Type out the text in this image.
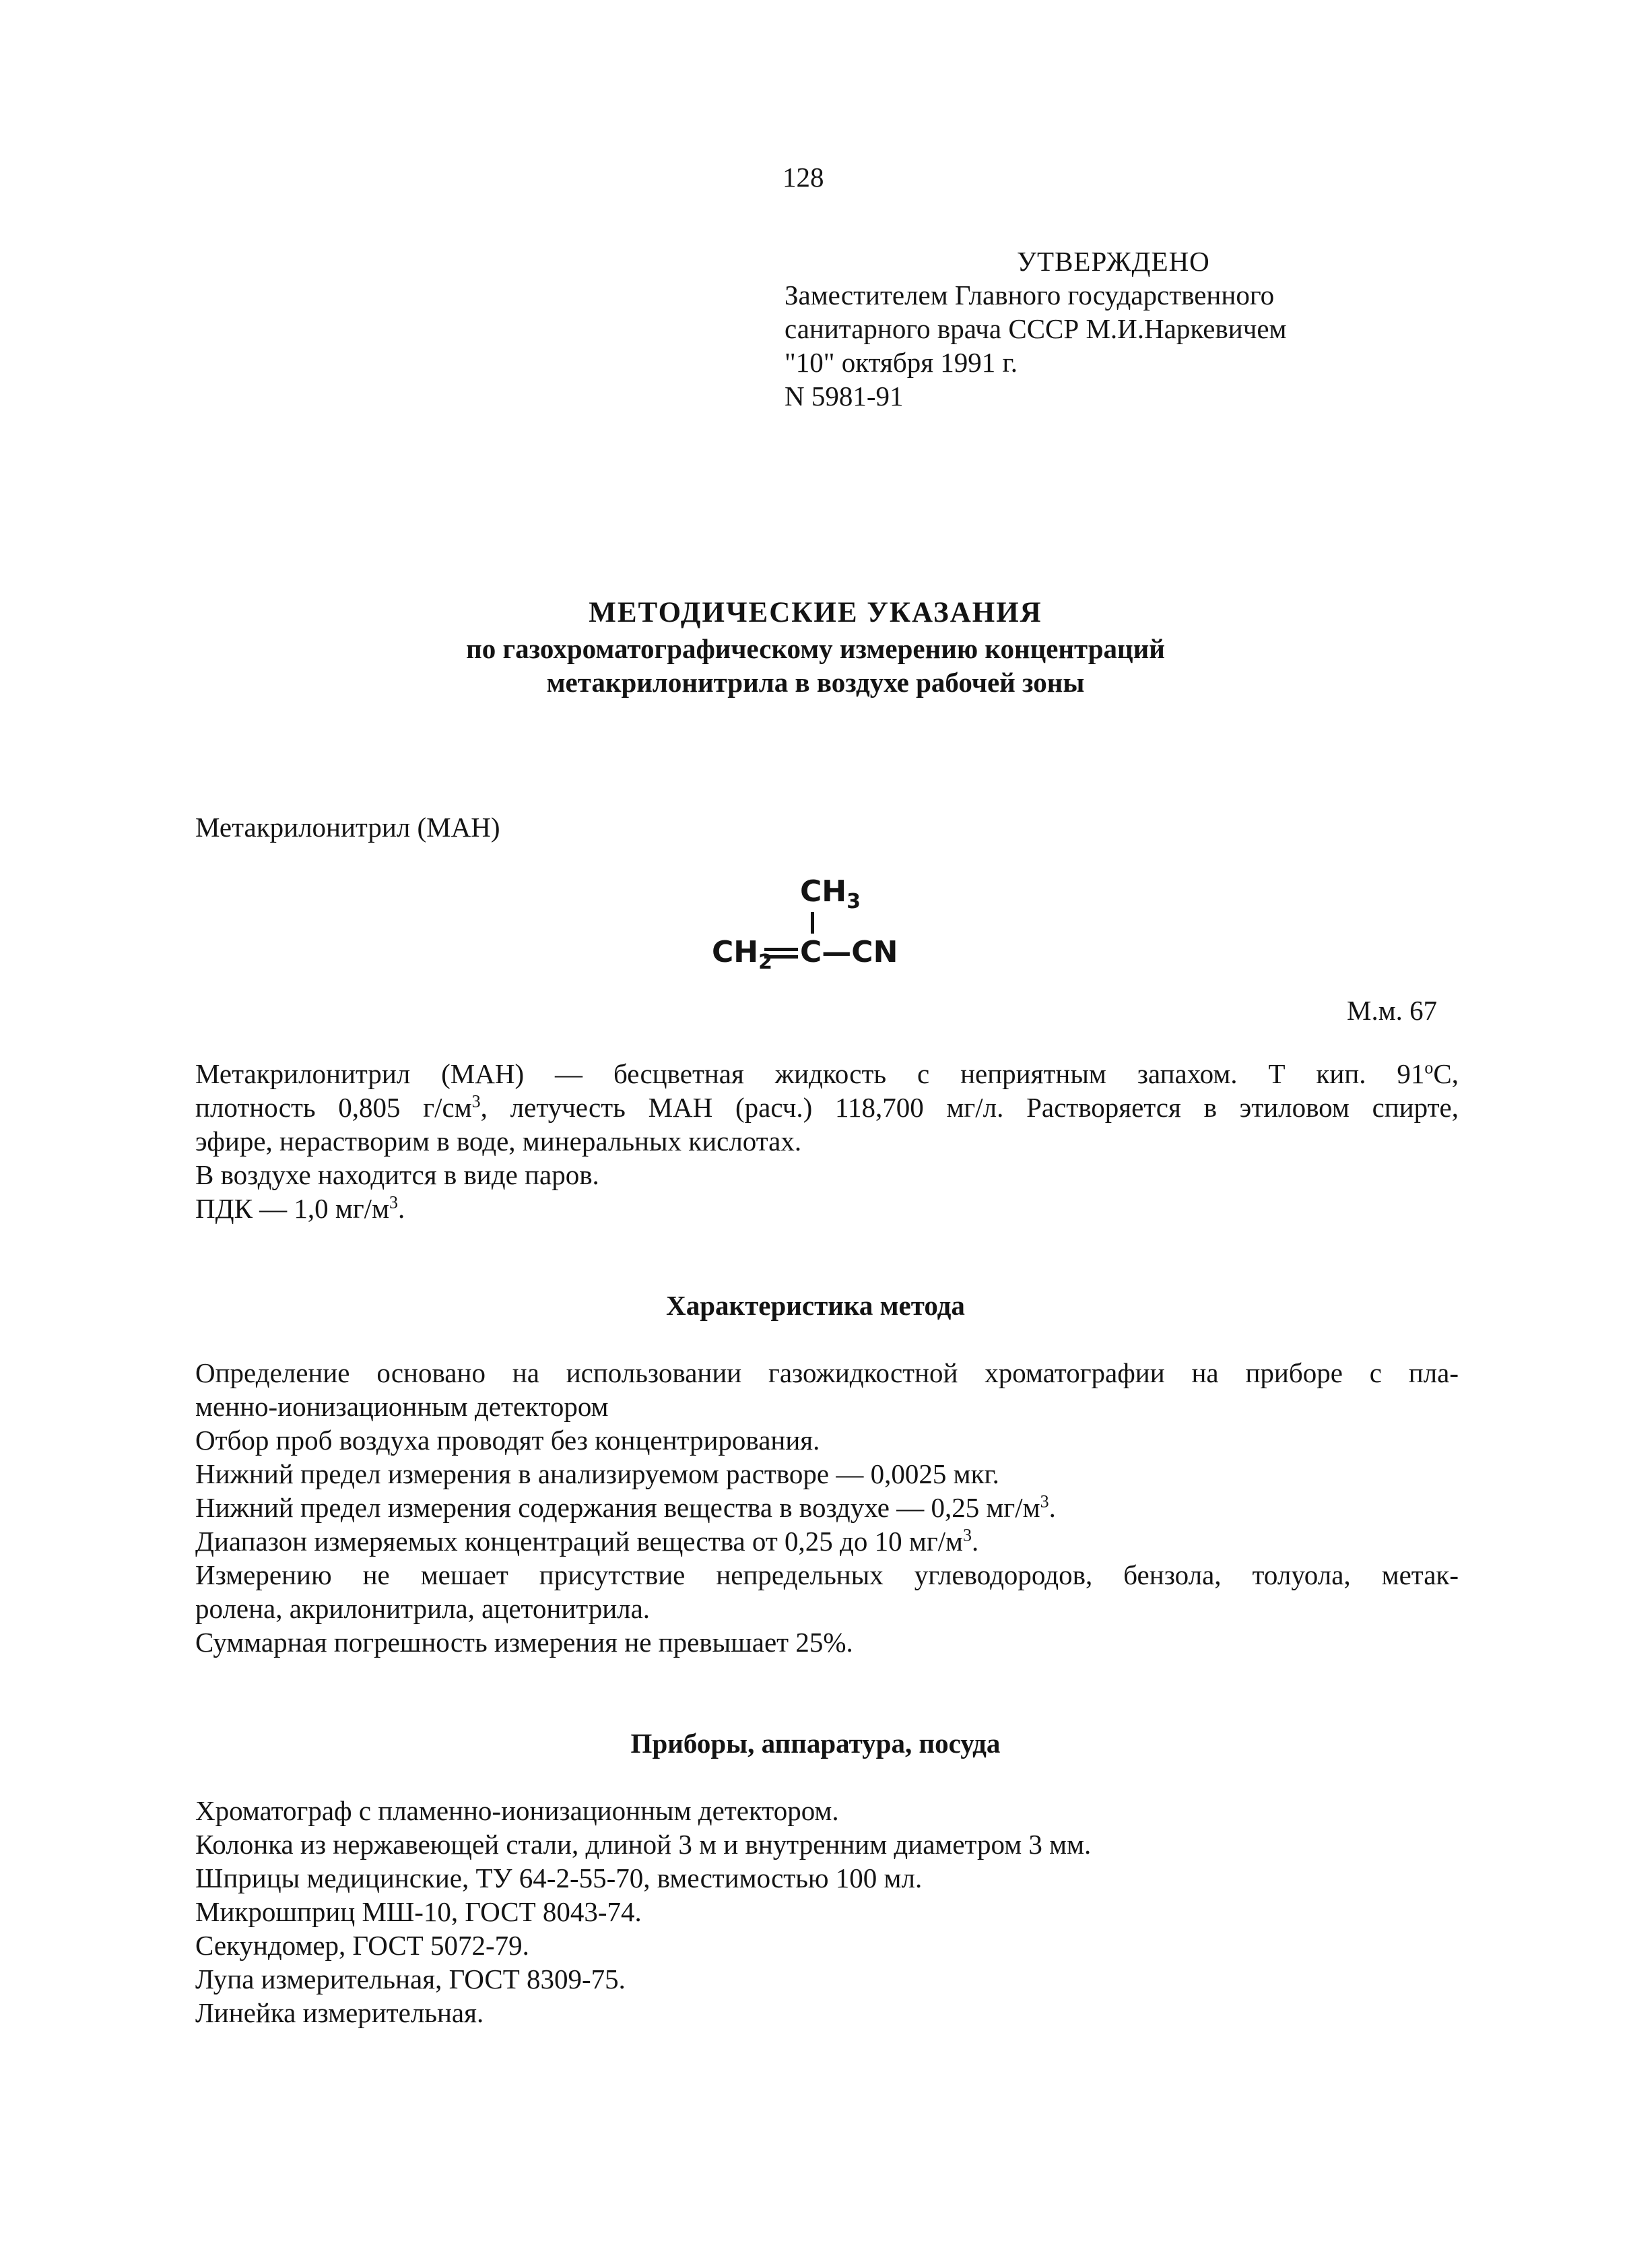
128
УТВЕРЖДЕНО
Заместителем Главного государственного
санитарного врача СССР М.И.Наркевичем
"10" октября 1991 г.
N 5981-91
МЕТОДИЧЕСКИЕ УКАЗАНИЯ
по газохроматографическому измерению концентраций
метакрилонитрила в воздухе рабочей зоны
Метакрилонитрил (МАН)
$CH_3$
$CH_2$ C—CN
М.м. 67
Метакрилонитрил (МАН) — бесцветная жидкость с неприятным запахом. Т кип. 91$^o$С,
плотность 0,805 $г/см^3$, летучесть МАН (расч.) 118,700 мг/л. Растворяется в этиловом спирте,
эфире, нерастворим в воде, минеральных кислотах.
В воздухе находится в виде паров.
ПДК — 1,0 $мг/м^3$.
Характеристика метода
Определение основано на использовании газожидкостной хроматографии на приборе с пла-
менно-ионизационным детектором
Отбор проб воздуха проводят без концентрирования.
Нижний предел измерения в анализируемом растворе — 0,0025 мкг.
Нижний предел измерения содержания вещества в воздухе — 0,25 $мг/м^3$.
Диапазон измеряемых концентраций вещества от 0,25 до 10 $мг/м^3$.
Измерению не мешает присутствие непредельных углеводородов, бензола, толуола, метак-
ролена, акрилонитрила, ацетонитрила.
Суммарная погрешность измерения не превышает 25%.
Приборы, аппаратура, посуда
Хроматограф с пламенно-ионизационным детектором.
Колонка из нержавеющей стали, длиной 3 м и внутренним диаметром 3 мм.
Шприцы медицинские, ТУ 64-2-55-70, вместимостью 100 мл.
Микрошприц МШ-10, ГОСТ 8043-74.
Секундомер, ГОСТ 5072-79.
Лупа измерительная, ГОСТ 8309-75.
Линейка измерительная.
